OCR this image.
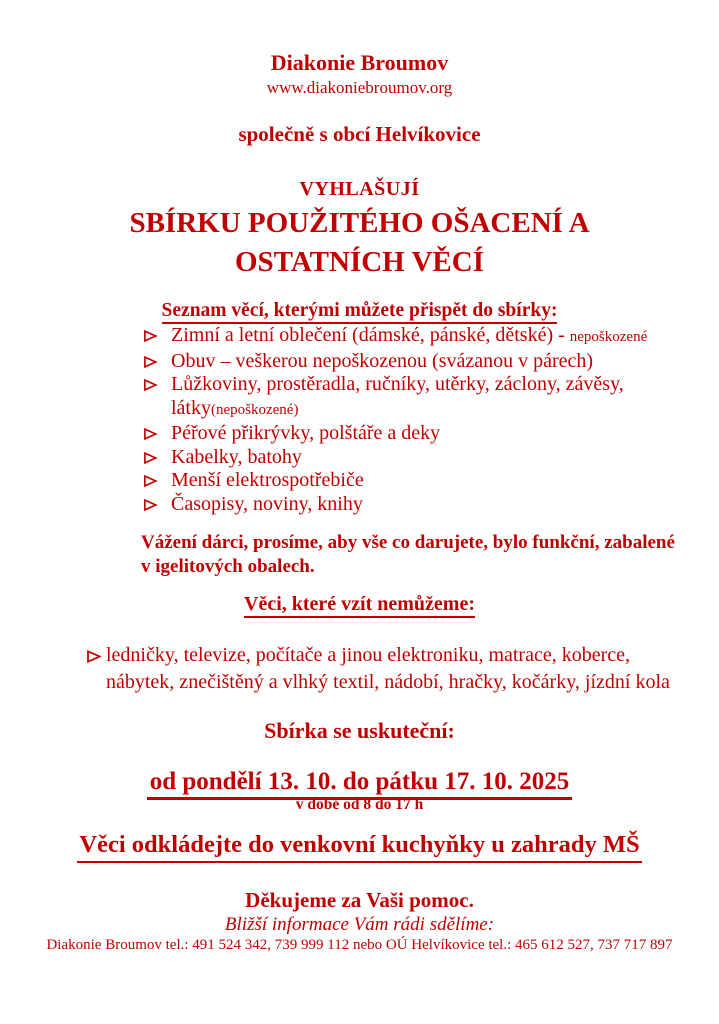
Diakonie Broumov
www.diakoniebroumov.org
společně s obcí Helvíkovice
VYHLAŠUJÍ
SBÍRKU POUŽITÉHO OŠACENÍ A
OSTATNÍCH VĚCÍ
Seznam věcí, kterými můžete přispět do sbírky:
Zimní a letní oblečení (dámské, pánské, dětské) - nepoškozené
Obuv – veškerou nepoškozenou (svázanou v párech)
Lůžkoviny, prostěradla, ručníky, utěrky, záclony, závěsy,
látky(nepoškozené)
Péřové přikrývky, polštáře a deky
Kabelky, batohy
Menší elektrospotřebiče
Časopisy, noviny, knihy
Vážení dárci, prosíme, aby vše co darujete, bylo funkční, zabalené
v igelitových obalech.
Věci, které vzít nemůžeme:
ledničky, televize, počítače a jinou elektroniku, matrace, koberce,
nábytek, znečištěný a vlhký textil, nádobí, hračky, kočárky, jízdní kola
Sbírka se uskuteční:
od pondělí 13. 10. do pátku 17. 10. 2025
v době od 8 do 17 h
Věci odkládejte do venkovní kuchyňky u zahrady MŠ
Děkujeme za Vaši pomoc.
Bližší informace Vám rádi sdělíme:
Diakonie Broumov tel.: 491 524 342, 739 999 112 nebo OÚ Helvíkovice tel.: 465 612 527, 737 717 897
